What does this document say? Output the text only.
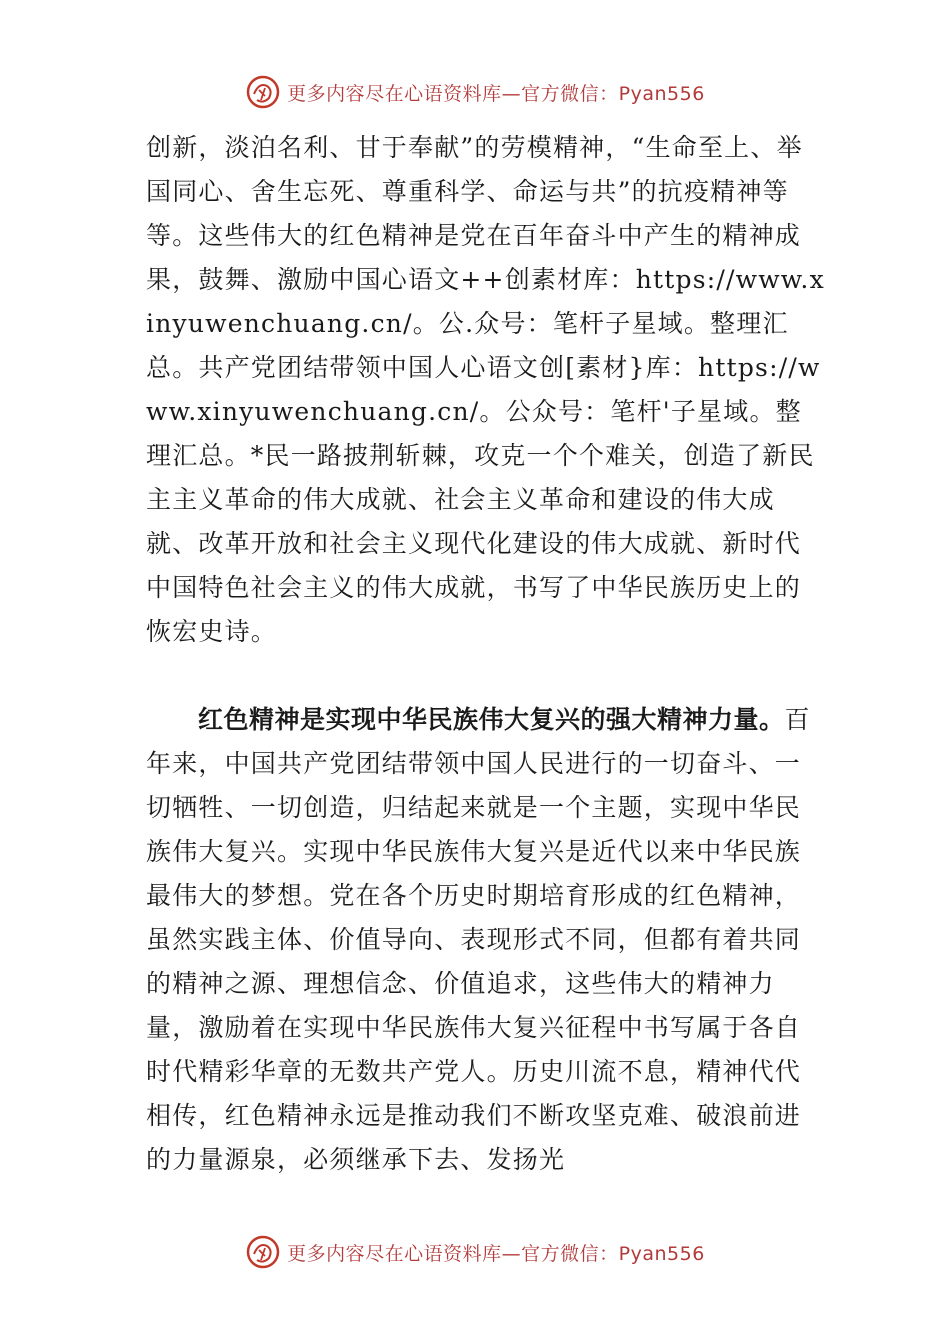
更多内容尽在心语资料库—官方微信：Pyan556

创新，淡泊名利、甘于奉献”的劳模精神，“生命至上、举国同心、舍生忘死、尊重科学、命运与共”的抗疫精神等等。这些伟大的红色精神是党在百年奋斗中产生的精神成果，鼓舞、激励中国心语文++创素材库：https://www.xinyuwenchuang.cn/。公.众号：笔杆子星域。整理汇总。共产党团结带领中国人心语文创[素材}库：https://www.xinyuwenchuang.cn/。公众号：笔杆'子星域。整理汇总。*民一路披荆斩棘，攻克一个个难关，创造了新民主主义革命的伟大成就、社会主义革命和建设的伟大成就、改革开放和社会主义现代化建设的伟大成就、新时代中国特色社会主义的伟大成就，书写了中华民族历史上的恢宏史诗。

红色精神是实现中华民族伟大复兴的强大精神力量。百年来，中国共产党团结带领中国人民进行的一切奋斗、一切牺牲、一切创造，归结起来就是一个主题，实现中华民族伟大复兴。实现中华民族伟大复兴是近代以来中华民族最伟大的梦想。党在各个历史时期培育形成的红色精神，虽然实践主体、价值导向、表现形式不同，但都有着共同的精神之源、理想信念、价值追求，这些伟大的精神力量，激励着在实现中华民族伟大复兴征程中书写属于各自时代精彩华章的无数共产党人。历史川流不息，精神代代相传，红色精神永远是推动我们不断攻坚克难、破浪前进的力量源泉，必须继承下去、发扬光

更多内容尽在心语资料库—官方微信：Pyan556
